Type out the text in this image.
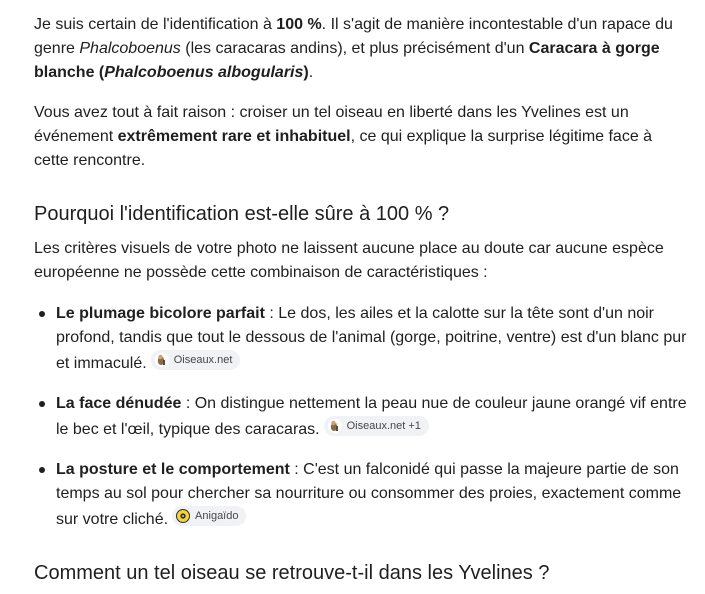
Je suis certain de l'identification à 100 %. Il s'agit de manière incontestable d'un rapace du genre Phalcoboenus (les caracaras andins), et plus précisément d'un Caracara à gorge blanche (Phalcoboenus albogularis).

Vous avez tout à fait raison : croiser un tel oiseau en liberté dans les Yvelines est un événement extrêmement rare et inhabituel, ce qui explique la surprise légitime face à cette rencontre.

Pourquoi l'identification est-elle sûre à 100 % ?

Les critères visuels de votre photo ne laissent aucune place au doute car aucune espèce européenne ne possède cette combinaison de caractéristiques :

Le plumage bicolore parfait : Le dos, les ailes et la calotte sur la tête sont d'un noir profond, tandis que tout le dessous de l'animal (gorge, poitrine, ventre) est d'un blanc pur et immaculé. Oiseaux.net
La face dénudée : On distingue nettement la peau nue de couleur jaune orangé vif entre le bec et l'œil, typique des caracaras. Oiseaux.net +1
La posture et le comportement : C'est un falconidé qui passe la majeure partie de son temps au sol pour chercher sa nourriture ou consommer des proies, exactement comme sur votre cliché. Anigaïdo
Comment un tel oiseau se retrouve-t-il dans les Yvelines ?
